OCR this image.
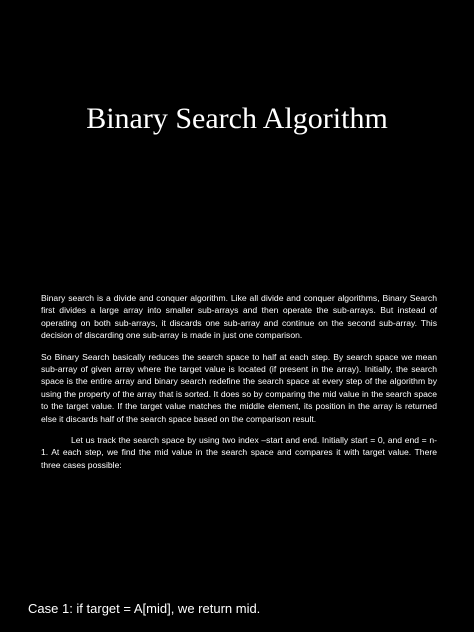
Binary Search Algorithm

Binary search is a divide and conquer algorithm. Like all divide and conquer algorithms, Binary Search first divides a large array into smaller sub-arrays and then operate the sub-arrays. But instead of operating on both sub-arrays, it discards one sub-array and continue on the second sub-array. This decision of discarding one sub-array is made in just one comparison.

So Binary Search basically reduces the search space to half at each step. By search space we mean sub-array of given array where the target value is located (if present in the array). Initially, the search space is the entire array and binary search redefine the search space at every step of the algorithm by using the property of the array that is sorted. It does so by comparing the mid value in the search space to the target value. If the target value matches the middle element, its position in the array is returned else it discards half of the search space based on the comparison result.

Let us track the search space by using two index –start and end. Initially start = 0, and end = n-1. At each step, we find the mid value in the search space and compares it with target value. There three cases possible:

Case 1: if target = A[mid], we return mid.
